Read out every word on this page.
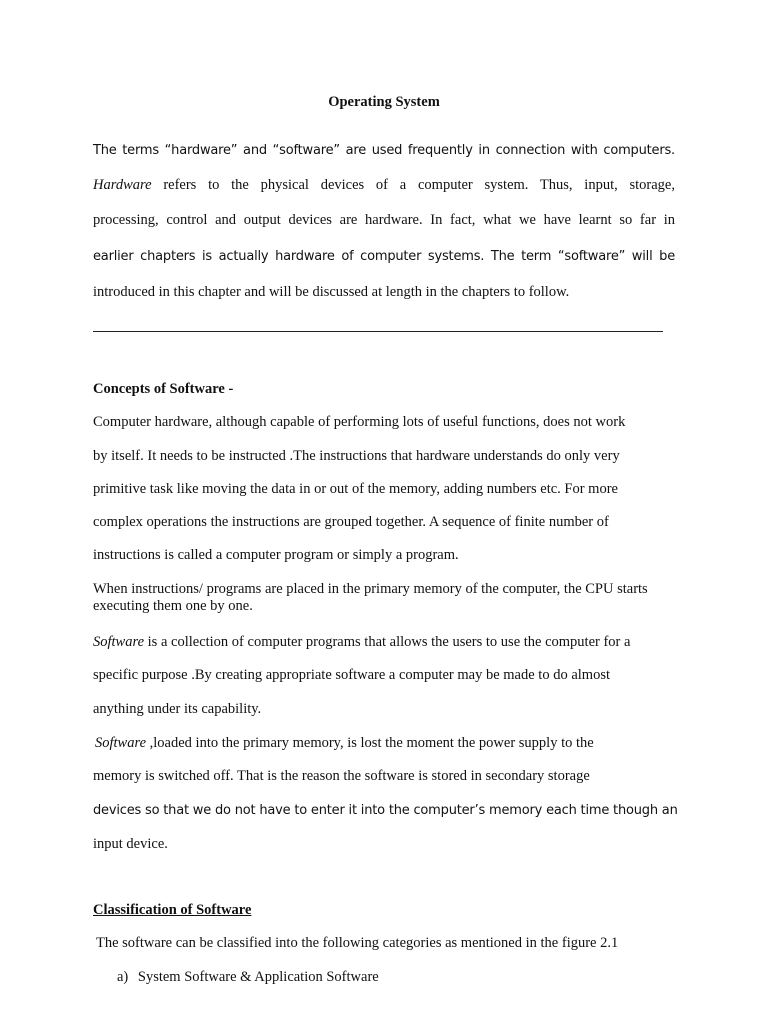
Operating System

The terms “hardware” and “software” are used frequently in connection with computers.

Hardware refers to the physical devices of a computer system. Thus, input, storage,

processing, control and output devices are hardware. In fact, what we have learnt so far in

earlier chapters is actually hardware of computer systems. The term “software” will be

introduced in this chapter and will be discussed at length in the chapters to follow.

Concepts of Software -

Computer hardware, although capable of performing lots of useful functions, does not work

by itself. It needs to be instructed .The instructions that hardware understands do only very

primitive task like moving the data in or out of the memory, adding numbers etc. For more

complex operations the instructions are grouped together. A sequence of finite number of

instructions is called a computer program or simply a program.

When instructions/ programs are placed in the primary memory of the computer, the CPU starts executing them one by one.

Software is a collection of computer programs that allows the users to use the computer for a

specific purpose .By creating appropriate software a computer may be made to do almost

anything under its capability.

Software ,loaded into the primary memory, is lost the moment the power supply to the

memory is switched off. That is the reason the software is stored in secondary storage

devices so that we do not have to enter it into the computer’s memory each time though an

input device.

Classification of Software

The software can be classified into the following categories as mentioned in the figure 2.1

a) System Software & Application Software
